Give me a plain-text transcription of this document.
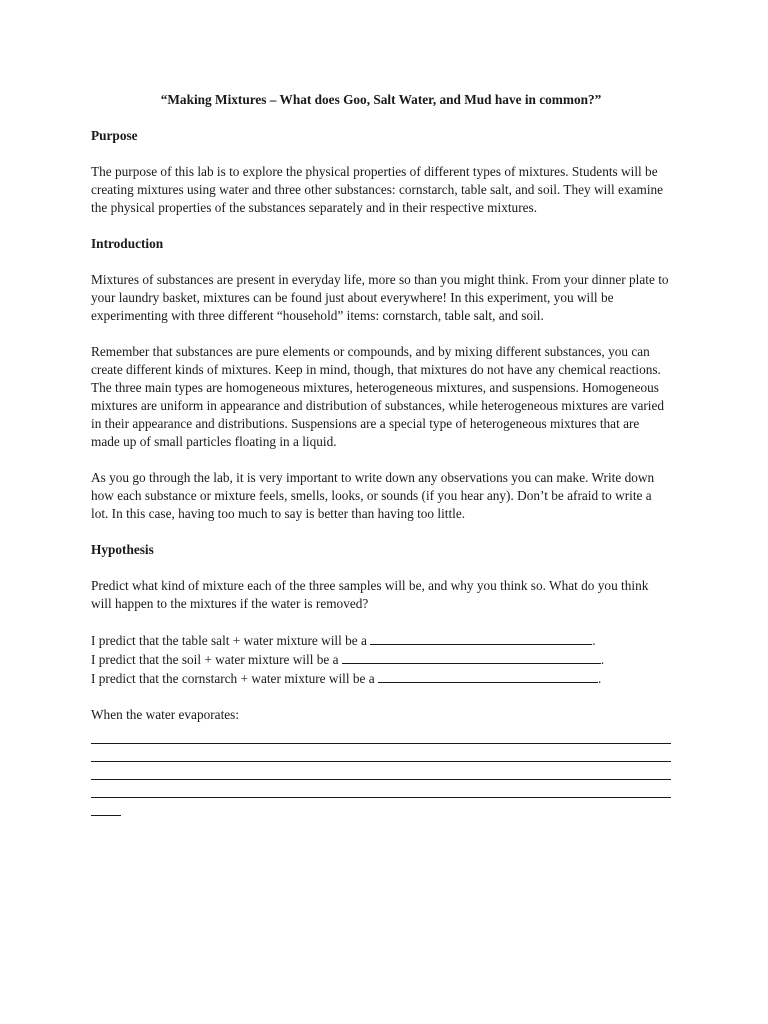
“Making Mixtures – What does Goo, Salt Water, and Mud have in common?”
Purpose

The purpose of this lab is to explore the physical properties of different types of mixtures. Students will be creating mixtures using water and three other substances: cornstarch, table salt, and soil. They will examine the physical properties of the substances separately and in their respective mixtures.

Introduction

Mixtures of substances are present in everyday life, more so than you might think. From your dinner plate to your laundry basket, mixtures can be found just about everywhere! In this experiment, you will be experimenting with three different “household” items: cornstarch, table salt, and soil.

Remember that substances are pure elements or compounds, and by mixing different substances, you can create different kinds of mixtures. Keep in mind, though, that mixtures do not have any chemical reactions. The three main types are homogeneous mixtures, heterogeneous mixtures, and suspensions. Homogeneous mixtures are uniform in appearance and distribution of substances, while heterogeneous mixtures are varied in their appearance and distributions. Suspensions are a special type of heterogeneous mixtures that are made up of small particles floating in a liquid.

As you go through the lab, it is very important to write down any observations you can make. Write down how each substance or mixture feels, smells, looks, or sounds (if you hear any). Don’t be afraid to write a lot. In this case, having too much to say is better than having too little.

Hypothesis

Predict what kind of mixture each of the three samples will be, and why you think so. What do you think will happen to the mixtures if the water is removed?

I predict that the table salt + water mixture will be a	.
I predict that the soil + water mixture will be a	.
I predict that the cornstarch + water mixture will be a	.
When the water evaporates:
